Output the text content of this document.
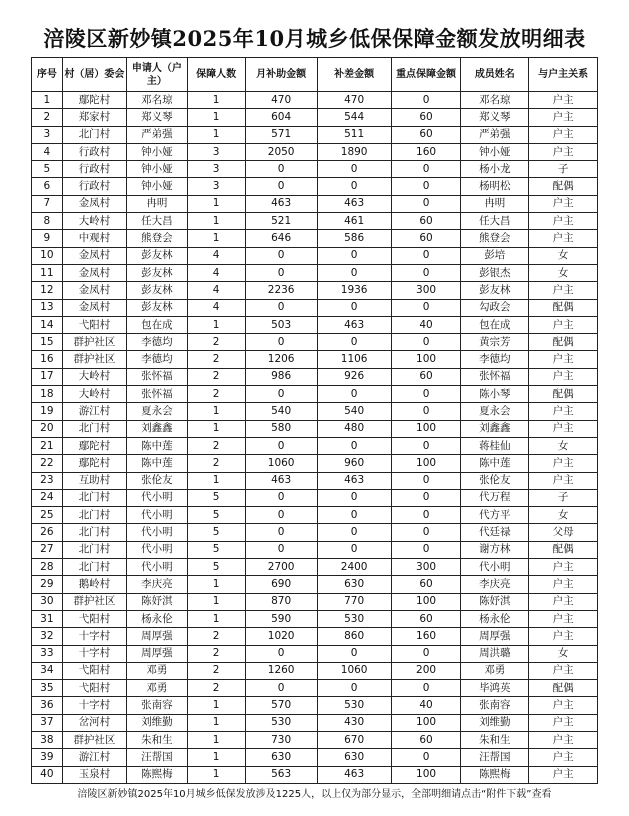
涪陵区新妙镇2025年10月城乡低保保障金额发放明细表
序号	村（居）委会	申请人（户主）	保障人数	月补助金额	补差金额	重点保障金额	成员姓名	与户主关系
1	鄢陀村	邓名琼	1	470	470	0	邓名琼	户主
2	郑家村	郑义琴	1	604	544	60	郑义琴	户主
3	北门村	严弟强	1	571	511	60	严弟强	户主
4	行政村	钟小娅	3	2050	1890	160	钟小娅	户主
5	行政村	钟小娅	3	0	0	0	杨小龙	子
6	行政村	钟小娅	3	0	0	0	杨明松	配偶
7	金凤村	冉明	1	463	463	0	冉明	户主
8	大岭村	任大昌	1	521	461	60	任大昌	户主
9	中观村	熊登会	1	646	586	60	熊登会	户主
10	金凤村	彭友林	4	0	0	0	彭培	女
11	金凤村	彭友林	4	0	0	0	彭银杰	女
12	金凤村	彭友林	4	2236	1936	300	彭友林	户主
13	金凤村	彭友林	4	0	0	0	勾政会	配偶
14	弋阳村	包在成	1	503	463	40	包在成	户主
15	群护社区	李德均	2	0	0	0	黄宗芳	配偶
16	群护社区	李德均	2	1206	1106	100	李德均	户主
17	大岭村	张怀福	2	986	926	60	张怀福	户主
18	大岭村	张怀福	2	0	0	0	陈小琴	配偶
19	游江村	夏永会	1	540	540	0	夏永会	户主
20	北门村	刘鑫鑫	1	580	480	100	刘鑫鑫	户主
21	鄢陀村	陈中莲	2	0	0	0	蒋桂仙	女
22	鄢陀村	陈中莲	2	1060	960	100	陈中莲	户主
23	互助村	张伦友	1	463	463	0	张伦友	户主
24	北门村	代小明	5	0	0	0	代万程	子
25	北门村	代小明	5	0	0	0	代方平	女
26	北门村	代小明	5	0	0	0	代廷禄	父母
27	北门村	代小明	5	0	0	0	谢方林	配偶
28	北门村	代小明	5	2700	2400	300	代小明	户主
29	鹅岭村	李庆亮	1	690	630	60	李庆亮	户主
30	群护社区	陈妤淇	1	870	770	100	陈妤淇	户主
31	弋阳村	杨永伦	1	590	530	60	杨永伦	户主
32	十字村	周厚强	2	1020	860	160	周厚强	户主
33	十字村	周厚强	2	0	0	0	周洪璐	女
34	弋阳村	邓勇	2	1260	1060	200	邓勇	户主
35	弋阳村	邓勇	2	0	0	0	毕鸿英	配偶
36	十字村	张南容	1	570	530	40	张南容	户主
37	岔河村	刘维勤	1	530	430	100	刘维勤	户主
38	群护社区	朱和生	1	730	670	60	朱和生	户主
39	游江村	汪帮国	1	630	630	0	汪帮国	户主
40	玉泉村	陈熙梅	1	563	463	100	陈熙梅	户主
涪陵区新妙镇2025年10月城乡低保发放涉及1225人，以上仅为部分显示，全部明细请点击“附件下载”查看								
